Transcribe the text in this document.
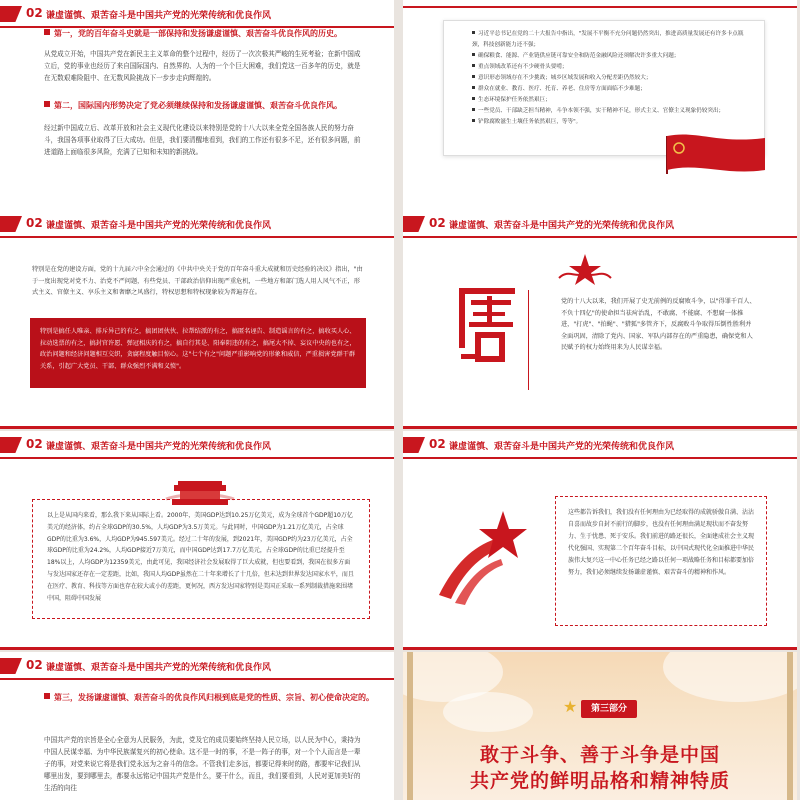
02 谦虚谨慎、艰苦奋斗是中国共产党的光荣传统和优良作风
第一，党的百年奋斗史就是一部保持和发扬谦虚谨慎、艰苦奋斗优良作风的历史。
从党成立开始，中国共产党在新民主主义革命的整个过程中，经历了一次次极其严峻的生死考验；在新中国成立后，党的事业也经历了来自国际国内、自然界的、人为的一个个巨大困难，我们党这一百多年的历史，就是在无数艰难险阻中、在无数风险挑战下一步步走向辉煌的。
第二，国际国内形势决定了党必须继续保持和发扬谦虚谨慎、艰苦奋斗优良作风。
经过新中国成立后、改革开放和社会主义现代化建设以来特别是党的十八大以来全党全国各族人民的努力奋斗，我国各项事业取得了巨大成功。但是，我们要清醒地看到，我们的工作还有很多不足，还有很多问题，前进道路上面临很多风险，充满了已知和未知的新挑战。
习近平总书记在党的二十大报告中指出，"发展不平衡不充分问题仍然突出，推进高质量发展还有许多卡点瓶颈，科技创新能力还不强；
确保粮食、能源、产业链供应链可靠安全和防范金融风险还须解决许多重大问题；
重点领域改革还有不少硬骨头要啃；
意识形态领域存在不少挑战；城乡区域发展和收入分配差距仍然较大；
群众在就业、教育、医疗、托育、养老、住房等方面面临不少难题；
生态环境保护任务依然艰巨；
一些党员、干部缺乏担当精神，斗争本领不强，实干精神不足，形式主义、官僚主义现象仍较突出；
铲除腐败滋生土壤任务依然艰巨，等等"。
02 谦虚谨慎、艰苦奋斗是中国共产党的光荣传统和优良作风
特别是在党的建设方面，党的十九届六中全会通过的《中共中央关于党的百年奋斗重大成就和历史经验的决议》指出，"由于一度出现党对党不力、治党不严问题，有些党员、干部政治信仰出现严重危机，一些地方和部门选人用人风气不正，形式主义、官僚主义、享乐主义和奢靡之风盛行，特权思想和特权现象较为普遍存在。
特别是搞任人唯亲、排斥异己的有之，搞团团伙伙、拉帮结派的有之，搞匿名诬告、制造谣言的有之，搞收买人心、拉动选票的有之，搞封官许愿、弹冠相庆的有之，搞自行其是、阳奉阴违的有之，搞尾大不掉、妄议中央的也有之，政治问题和经济问题相互交织，贪腐程度触目惊心。这"七个有之"问题严重影响党的形象和威信，严重损害党群干群关系，引起广大党员、干部、群众强烈不满和义愤"。
02 谦虚谨慎、艰苦奋斗是中国共产党的光荣传统和优良作风
党的十八大以来，我们开展了史无前例的反腐败斗争，以"得罪千百人、不负十四亿"的使命担当祛疴治乱，不敢腐、不能腐、不想腐一体推进，"打虎"、"拍蝇"、"猎狐"多管齐下，反腐败斗争取得压倒性胜利并全面巩固，清除了党内、国家、军队内部存在的严重隐患，确保党和人民赋予的权力始终用来为人民谋幸福。
02 谦虚谨慎、艰苦奋斗是中国共产党的光荣传统和优良作风
以上是从国内来看，那么我下来从国际上看。2000年，美国GDP达到10.25万亿美元，成为全球首个GDP超10万亿美元的经济体，约占全球GDP的30.5%，人均GDP为3.5万美元。与此同时，中国GDP为1.21万亿美元，占全球GDP的比重为3.6%，人均GDP为945.597美元。经过二十年的发展，到2021年，美国GDP约为23万亿美元，占全球GDP的比重为24.2%，人均GDP接近7万美元，而中国GDP达到17.7万亿美元，占全球GDP的比重已经提升至18%以上，人均GDP为12359美元，由此可见，我国经济社会发展取得了巨大成就，但也要看到，我国在很多方面与发达国家还存在一定差距，比如，我国人均GDP虽然在二十年来增长了十几倍，但未达到世界发达国家水平，而且在医疗、教育、科技等方面也存在较大或小的差距，更何况，西方发达国家特别是美国正采取一系列制裁措施来围堵中国，阻碍中国发展
02 谦虚谨慎、艰苦奋斗是中国共产党的光荣传统和优良作风
这些都告诉我们，我们没有任何理由为已经取得的成就骄傲自满、沾沾自喜而故步自封不前行的脚步，也没有任何理由满足现状而不奋发努力、生于忧患、死于安乐。我们前进的路还很长，全面建成社会主义现代化强国、实现第二个百年奋斗目标，以中国式现代化全面推进中华民族伟大复兴这一中心任务已经之路以任何一项战略任务和目标都要加倍努力，我们必须继续发扬谦虚谨慎、艰苦奋斗的精神和作风。
02 谦虚谨慎、艰苦奋斗是中国共产党的光荣传统和优良作风
第三，发扬谦虚谨慎、艰苦奋斗的优良作风归根到底是党的性质、宗旨、初心使命决定的。
中国共产党的宗旨是全心全意为人民服务，为此，党及它的成员要始终坚持人民立场，以人民为中心，秉持为中国人民谋幸福、为中华民族谋复兴的初心使命。这不是一时的事，不是一阵子的事，对一个个人而言是一辈子的事，对党来说它将是我们党永远为之奋斗的信念。不管我们走多远，都要记得来时的路，都要牢记我们从哪里出发，要到哪里去，都要永远铭记中国共产党是什么，要干什么，而且，我们要看到，人民对更加美好的生活的向往
★	第三部分
敢于斗争、善于斗争是中国
共产党的鲜明品格和精神特质
